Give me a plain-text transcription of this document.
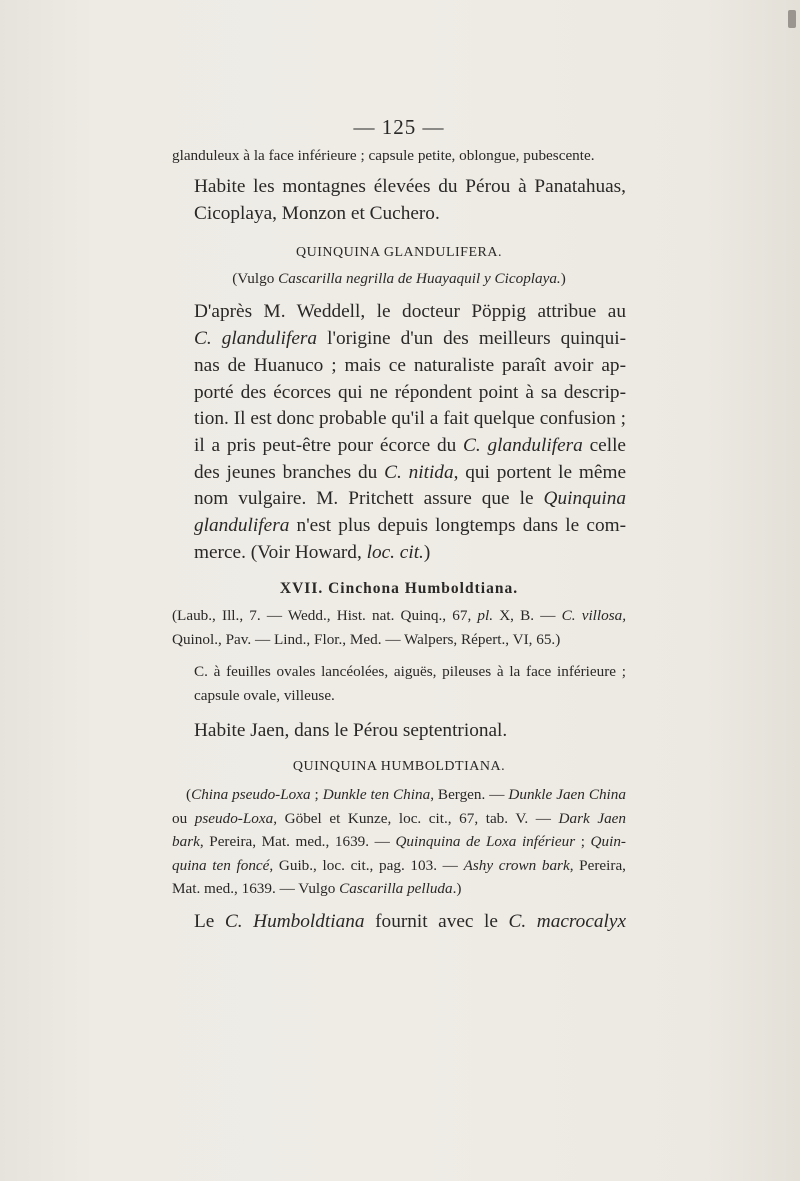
— 125 —

glanduleux à la face inférieure ; capsule petite, oblongue, pubescente.

Habite les montagnes élevées du Pérou à Panatahuas,
Cicoplaya, Monzon et Cuchero.

QUINQUINA GLANDULIFERA.

(Vulgo Cascarilla negrilla de Huayaquil y Cicoplaya.)

D'après M. Weddell, le docteur Pöppig attribue au
C. glandulifera l'origine d'un des meilleurs quinqui-
nas de Huanuco ; mais ce naturaliste paraît avoir ap-
porté des écorces qui ne répondent point à sa descrip-
tion. Il est donc probable qu'il a fait quelque confusion ;
il a pris peut-être pour écorce du C. glandulifera celle
des jeunes branches du C. nitida, qui portent le même
nom vulgaire. M. Pritchett assure que le Quinquina
glandulifera n'est plus depuis longtemps dans le com-
merce. (Voir Howard, loc. cit.)

XVII. Cinchona Humboldtiana.

(Laub., Ill., 7. — Wedd., Hist. nat. Quinq., 67, pl. X, B. — C. villosa,
Quinol., Pav. — Lind., Flor., Med. — Walpers, Répert., VI, 65.)

C. à feuilles ovales lancéolées, aiguës, pileuses à la face inférieure ;
capsule ovale, villeuse.

Habite Jaen, dans le Pérou septentrional.

QUINQUINA HUMBOLDTIANA.

(China pseudo-Loxa ; Dunkle ten China, Bergen. — Dunkle Jaen China
ou pseudo-Loxa, Göbel et Kunze, loc. cit., 67, tab. V. — Dark Jaen
bark, Pereira, Mat. med., 1639. — Quinquina de Loxa inférieur ; Quin-
quina ten foncé, Guib., loc. cit., pag. 103. — Ashy crown bark, Pereira,
Mat. med., 1639. — Vulgo Cascarilla pelluda.)

Le C. Humboldtiana fournit avec le C. macrocalyx
